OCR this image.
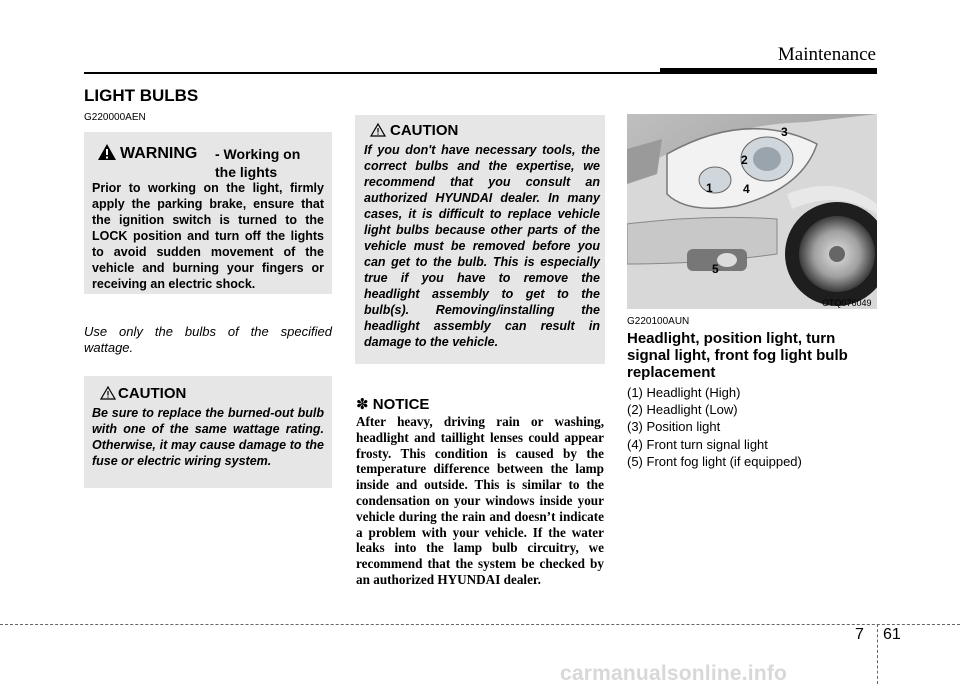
Maintenance
LIGHT BULBS
G220000AEN
WARNING - Working on the lights
Prior to working on the light, firmly apply the parking brake, ensure that the ignition switch is turned to the LOCK position and turn off the lights to avoid sudden movement of the vehicle and burning your fingers or receiving an electric shock.
Use only the bulbs of the specified wattage.
CAUTION
Be sure to replace the burned-out bulb with one of the same wattage rating. Otherwise, it may cause damage to the fuse or electric wiring system.
CAUTION
If you don't have necessary tools, the correct bulbs and the expertise, we recommend that you consult an authorized HYUNDAI dealer. In many cases, it is difficult to replace vehicle light bulbs because other parts of the vehicle must be removed before you can get to the bulb. This is especially true if you have to remove the headlight assembly to get to the bulb(s). Removing/installing the headlight assembly can result in damage to the vehicle.
✽ NOTICE
After heavy, driving rain or washing, headlight and taillight lenses could appear frosty. This condition is caused by the temperature difference between the lamp inside and outside. This is similar to the condensation on your windows inside your vehicle during the rain and doesn’t indicate a problem with your vehicle. If the water leaks into the lamp bulb circuitry, we recommend that the system be checked by an authorized HYUNDAI dealer.
3
2
1	4
5
OTQ076049
G220100AUN
Headlight, position light, turn signal light, front fog light bulb replacement
(1) Headlight (High)
(2) Headlight (Low)
(3) Position light
(4) Front turn signal light
(5) Front fog light (if equipped)
7 61
carmanualsonline.info
